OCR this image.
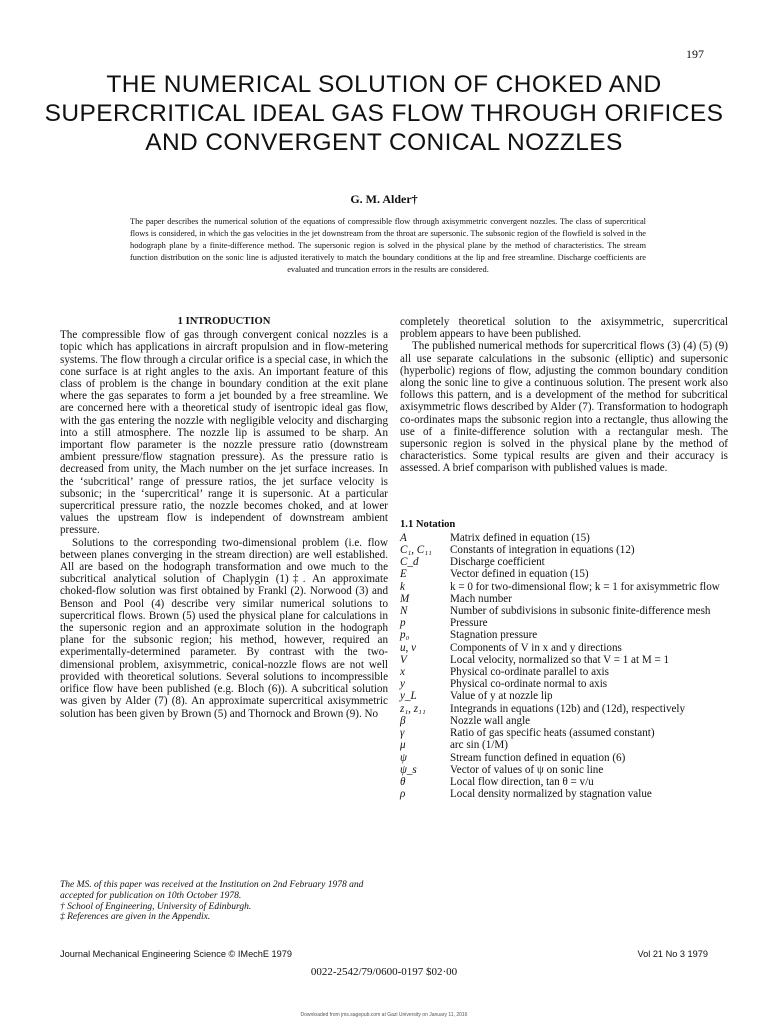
197
THE NUMERICAL SOLUTION OF CHOKED AND SUPERCRITICAL IDEAL GAS FLOW THROUGH ORIFICES AND CONVERGENT CONICAL NOZZLES
G. M. Alder†

The paper describes the numerical solution of the equations of compressible flow through axisymmetric convergent nozzles. The class of supercritical flows is considered, in which the gas velocities in the jet downstream from the throat are supersonic. The subsonic region of the flowfield is solved in the hodograph plane by a finite-difference method. The supersonic region is solved in the physical plane by the method of characteristics. The stream function distribution on the sonic line is adjusted iteratively to match the boundary conditions at the lip and free streamline. Discharge coefficients are evaluated and truncation errors in the results are considered.

1 INTRODUCTION

The compressible flow of gas through convergent conical nozzles is a topic which has applications in aircraft propulsion and in flow-metering systems. The flow through a circular orifice is a special case, in which the cone surface is at right angles to the axis. An important feature of this class of problem is the change in boundary condition at the exit plane where the gas separates to form a jet bounded by a free streamline. We are concerned here with a theoretical study of isentropic ideal gas flow, with the gas entering the nozzle with negligible velocity and discharging into a still atmosphere. The nozzle lip is assumed to be sharp. An important flow parameter is the nozzle pressure ratio (downstream ambient pressure/flow stagnation pressure). As the pressure ratio is decreased from unity, the Mach number on the jet surface increases. In the ‘subcritical’ range of pressure ratios, the jet surface velocity is subsonic; in the ‘supercritical’ range it is supersonic. At a particular supercritical pressure ratio, the nozzle becomes choked, and at lower values the upstream flow is independent of downstream ambient pressure.

Solutions to the corresponding two-dimensional problem (i.e. flow between planes converging in the stream direction) are well established. All are based on the hodograph transformation and owe much to the subcritical analytical solution of Chaplygin (1)‡. An approximate choked-flow solution was first obtained by Frankl (2). Norwood (3) and Benson and Pool (4) describe very similar numerical solutions to supercritical flows. Brown (5) used the physical plane for calculations in the supersonic region and an approximate solution in the hodograph plane for the subsonic region; his method, however, required an experimentally-determined parameter. By contrast with the two-dimensional problem, axisymmetric, conical-nozzle flows are not well provided with theoretical solutions. Several solutions to incompressible orifice flow have been published (e.g. Bloch (6)). A subcritical solution was given by Alder (7) (8). An approximate supercritical axisymmetric solution has been given by Brown (5) and Thornock and Brown (9). No

completely theoretical solution to the axisymmetric, supercritical problem appears to have been published.

The published numerical methods for supercritical flows (3) (4) (5) (9) all use separate calculations in the subsonic (elliptic) and supersonic (hyperbolic) regions of flow, adjusting the common boundary condition along the sonic line to give a continuous solution. The present work also follows this pattern, and is a development of the method for subcritical axisymmetric flows described by Alder (7). Transformation to hodograph co-ordinates maps the subsonic region into a rectangle, thus allowing the use of a finite-difference solution with a rectangular mesh. The supersonic region is solved in the physical plane by the method of characteristics. Some typical results are given and their accuracy is assessed. A brief comparison with published values is made.

1.1 Notation
A	Matrix defined in equation (15)
C₁, C₁₁	Constants of integration in equations (12)
C_d	Discharge coefficient
E	Vector defined in equation (15)
k	k = 0 for two-dimensional flow; k = 1 for axisymmetric flow
M	Mach number
N	Number of subdivisions in subsonic finite-difference mesh
p	Pressure
p₀	Stagnation pressure
u, v	Components of V in x and y directions
V	Local velocity, normalized so that V = 1 at M = 1
x	Physical co-ordinate parallel to axis
y	Physical co-ordinate normal to axis
y_L	Value of y at nozzle lip
z₁, z₁₁	Integrands in equations (12b) and (12d), respectively
β	Nozzle wall angle
γ	Ratio of gas specific heats (assumed constant)
μ	arc sin (1/M)
ψ	Stream function defined in equation (6)
ψ_s	Vector of values of ψ on sonic line
θ	Local flow direction, tan θ = v/u
ρ	Local density normalized by stagnation value
The MS. of this paper was received at the Institution on 2nd February 1978 and accepted for publication on 10th October 1978.
† School of Engineering, University of Edinburgh.
‡ References are given in the Appendix.
Journal Mechanical Engineering Science © IMechE 1979	Vol 21 No 3 1979
0022-2542/79/0600-0197 $02·00
Downloaded from jms.sagepub.com at Gazi University on January 11, 2016
